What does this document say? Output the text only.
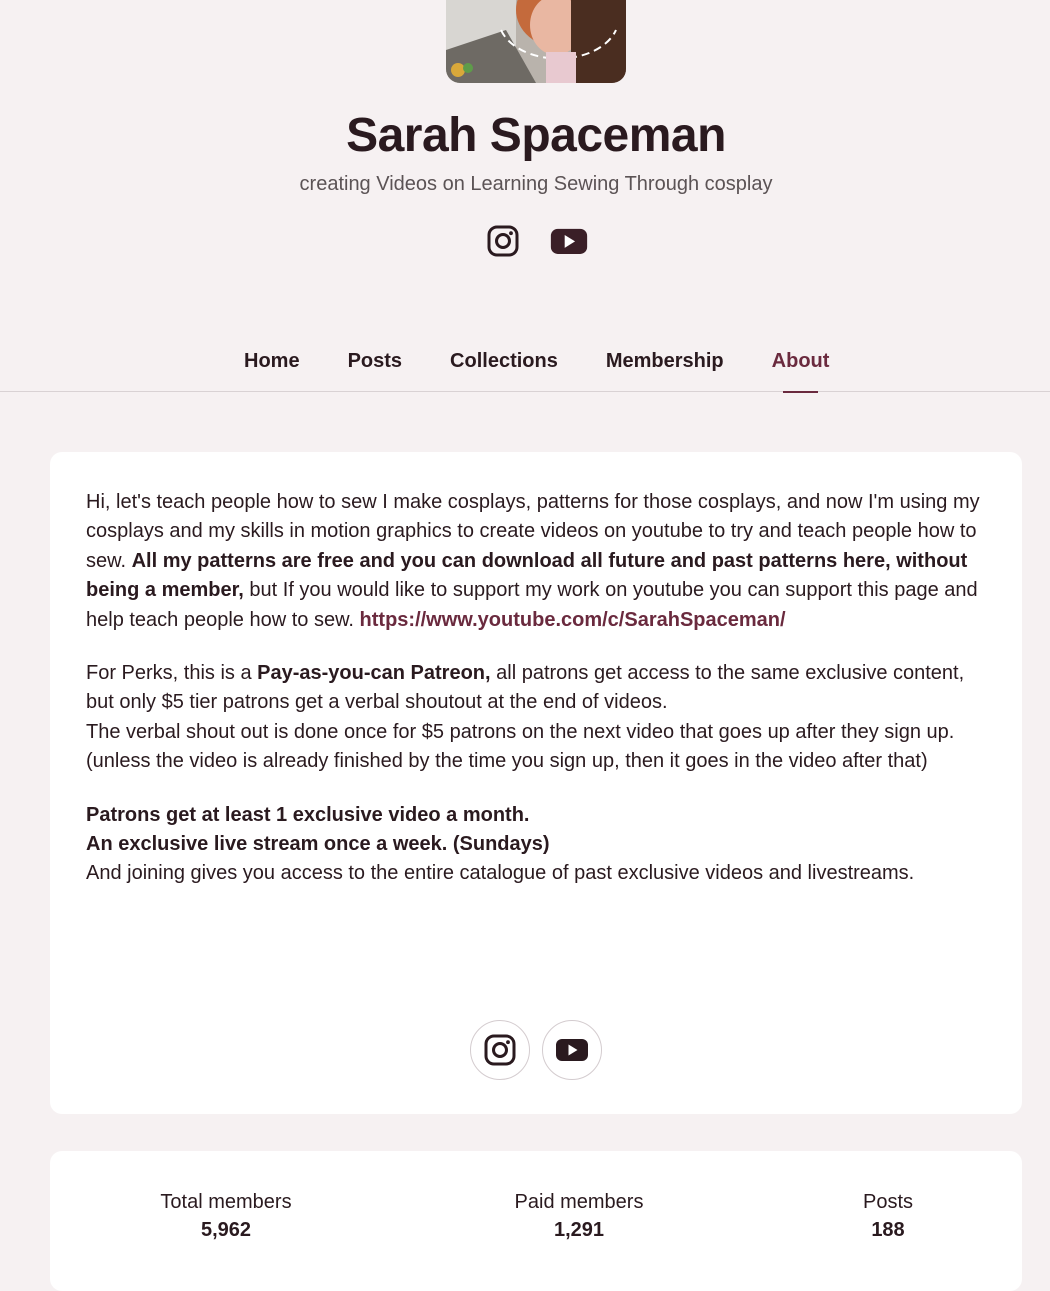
Sarah Spaceman
creating Videos on Learning Sewing Through cosplay
Home Posts Collections Membership About

Hi, let's teach people how to sew I make cosplays, patterns for those cosplays, and now I'm using my cosplays and my skills in motion graphics to create videos on youtube to try and teach people how to sew. All my patterns are free and you can download all future and past patterns here, without being a member, but If you would like to support my work on youtube you can support this page and help teach people how to sew. https://www.youtube.com/c/SarahSpaceman/

For Perks, this is a Pay-as-you-can Patreon, all patrons get access to the same exclusive content, but only $5 tier patrons get a verbal shoutout at the end of videos.
The verbal shout out is done once for $5 patrons on the next video that goes up after they sign up. (unless the video is already finished by the time you sign up, then it goes in the video after that)

Patrons get at least 1 exclusive video a month.
An exclusive live stream once a week. (Sundays)
And joining gives you access to the entire catalogue of past exclusive videos and livestreams.

Total members
5,962
Paid members
1,291
Posts
188
